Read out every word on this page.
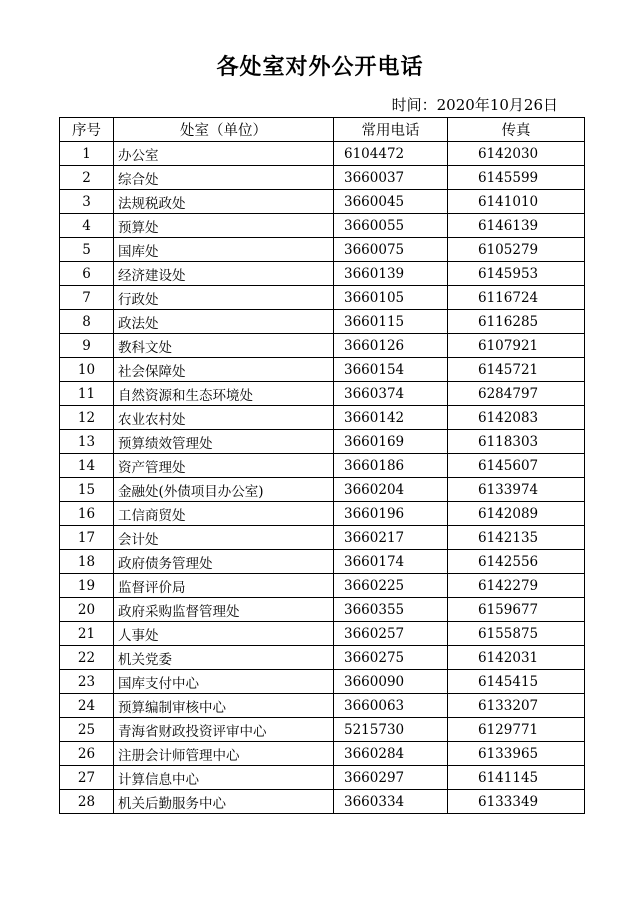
各处室对外公开电话
时间：2020年10月26日
序号	处室（单位）	常用电话	传真
1	办公室	6104472	6142030
2	综合处	3660037	6145599
3	法规税政处	3660045	6141010
4	预算处	3660055	6146139
5	国库处	3660075	6105279
6	经济建设处	3660139	6145953
7	行政处	3660105	6116724
8	政法处	3660115	6116285
9	教科文处	3660126	6107921
10	社会保障处	3660154	6145721
11	自然资源和生态环境处	3660374	6284797
12	农业农村处	3660142	6142083
13	预算绩效管理处	3660169	6118303
14	资产管理处	3660186	6145607
15	金融处(外债项目办公室)	3660204	6133974
16	工信商贸处	3660196	6142089
17	会计处	3660217	6142135
18	政府债务管理处	3660174	6142556
19	监督评价局	3660225	6142279
20	政府采购监督管理处	3660355	6159677
21	人事处	3660257	6155875
22	机关党委	3660275	6142031
23	国库支付中心	3660090	6145415
24	预算编制审核中心	3660063	6133207
25	青海省财政投资评审中心	5215730	6129771
26	注册会计师管理中心	3660284	6133965
27	计算信息中心	3660297	6141145
28	机关后勤服务中心	3660334	6133349
